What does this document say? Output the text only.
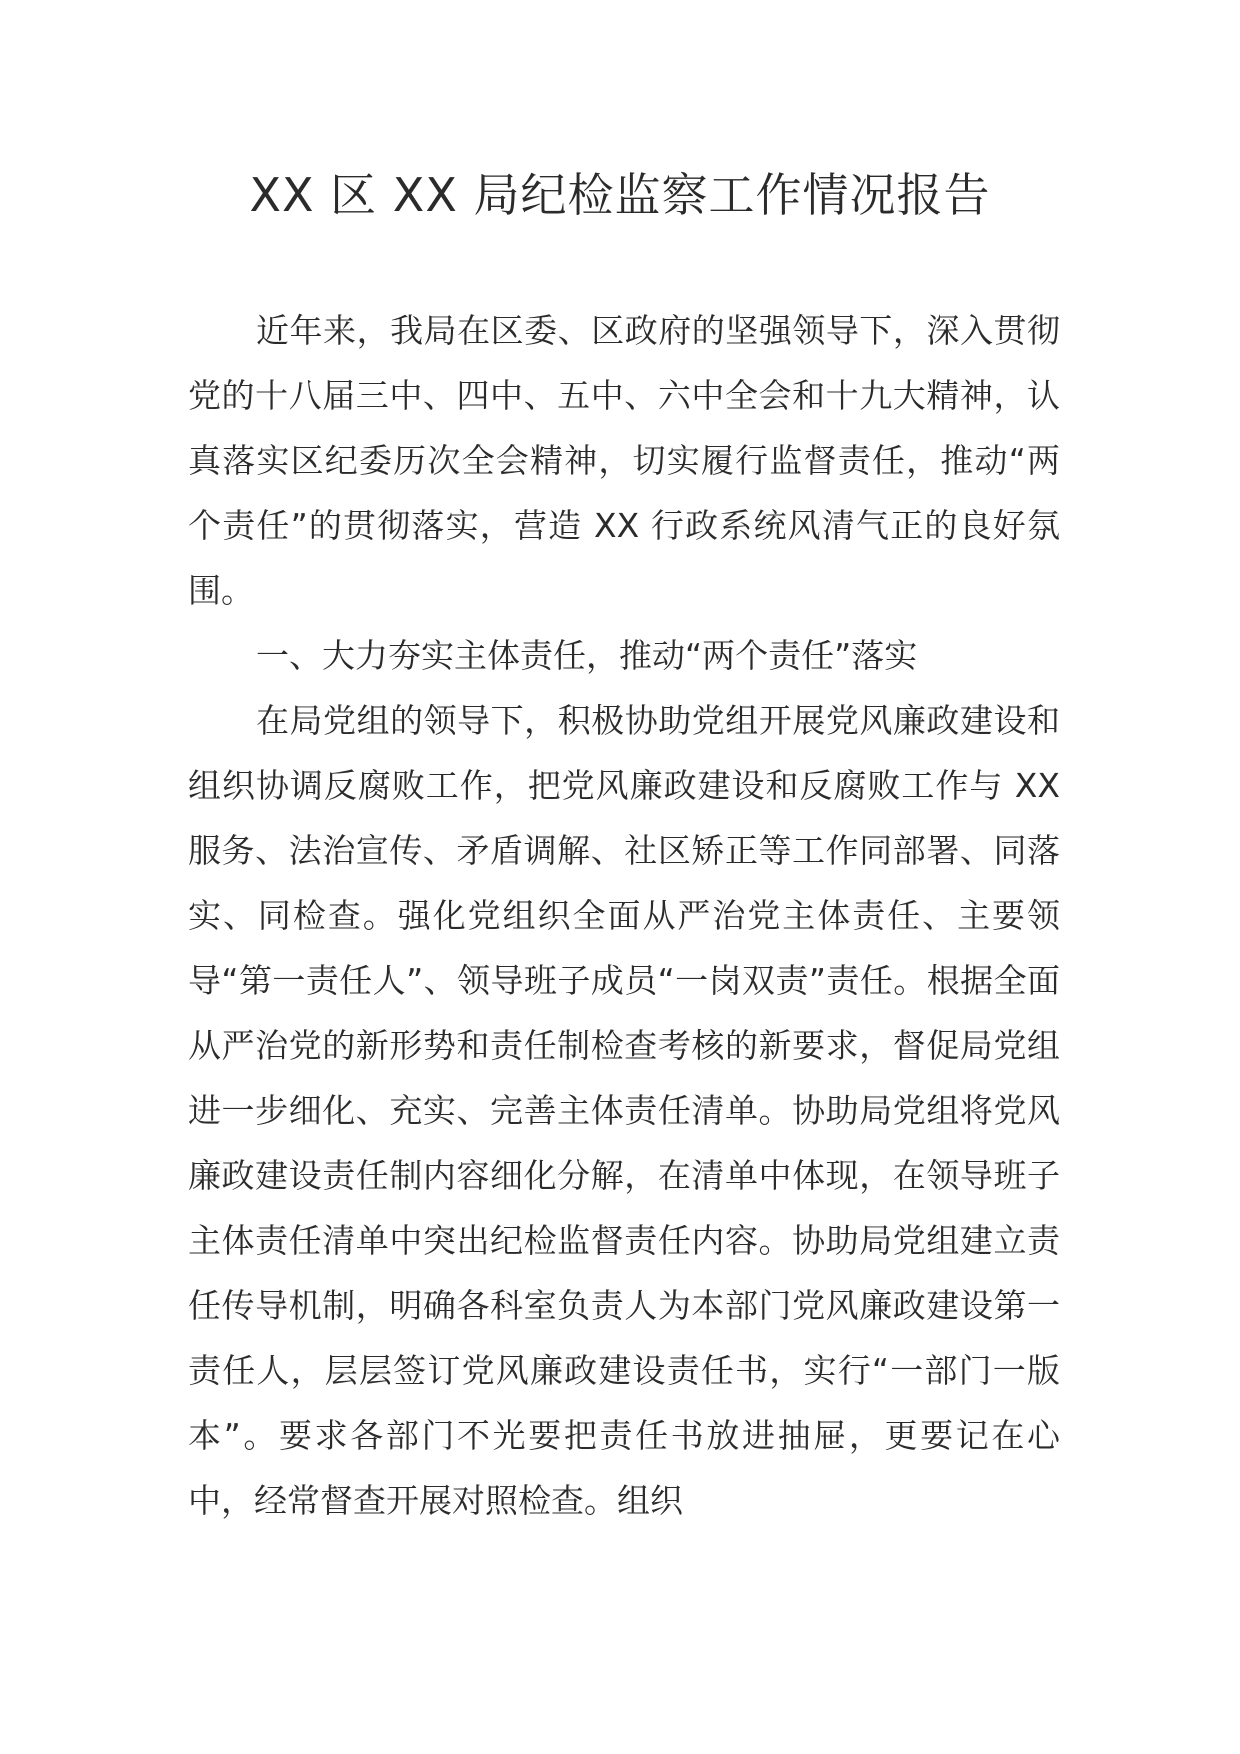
XX 区 XX 局纪检监察工作情况报告

近年来，我局在区委、区政府的坚强领导下，深入贯彻党的十八届三中、四中、五中、六中全会和十九大精神，认真落实区纪委历次全会精神，切实履行监督责任，推动“两个责任”的贯彻落实，营造 XX 行政系统风清气正的良好氛围。

一、大力夯实主体责任，推动“两个责任”落实

在局党组的领导下，积极协助党组开展党风廉政建设和组织协调反腐败工作，把党风廉政建设和反腐败工作与 XX 服务、法治宣传、矛盾调解、社区矫正等工作同部署、同落实、同检查。强化党组织全面从严治党主体责任、主要领导“第一责任人”、领导班子成员“一岗双责”责任。根据全面从严治党的新形势和责任制检查考核的新要求，督促局党组进一步细化、充实、完善主体责任清单。协助局党组将党风廉政建设责任制内容细化分解，在清单中体现，在领导班子主体责任清单中突出纪检监督责任内容。协助局党组建立责任传导机制，明确各科室负责人为本部门党风廉政建设第一责任人，层层签订党风廉政建设责任书，实行“一部门一版本”。要求各部门不光要把责任书放进抽屉，更要记在心中，经常督查开展对照检查。组织
